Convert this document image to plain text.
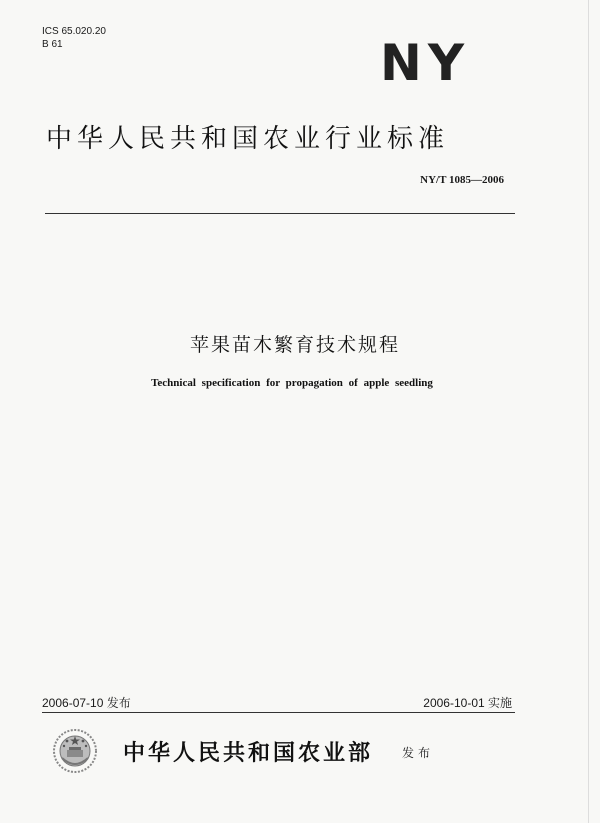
ICS 65.020.20
B 61	NY
中华人民共和国农业行业标准
NY/T 1085—2006
苹果苗木繁育技术规程
Technical specification for propagation of apple seedling
2006-07-10 发布	2006-10-01 实施
中华人民共和国农业部 发布
